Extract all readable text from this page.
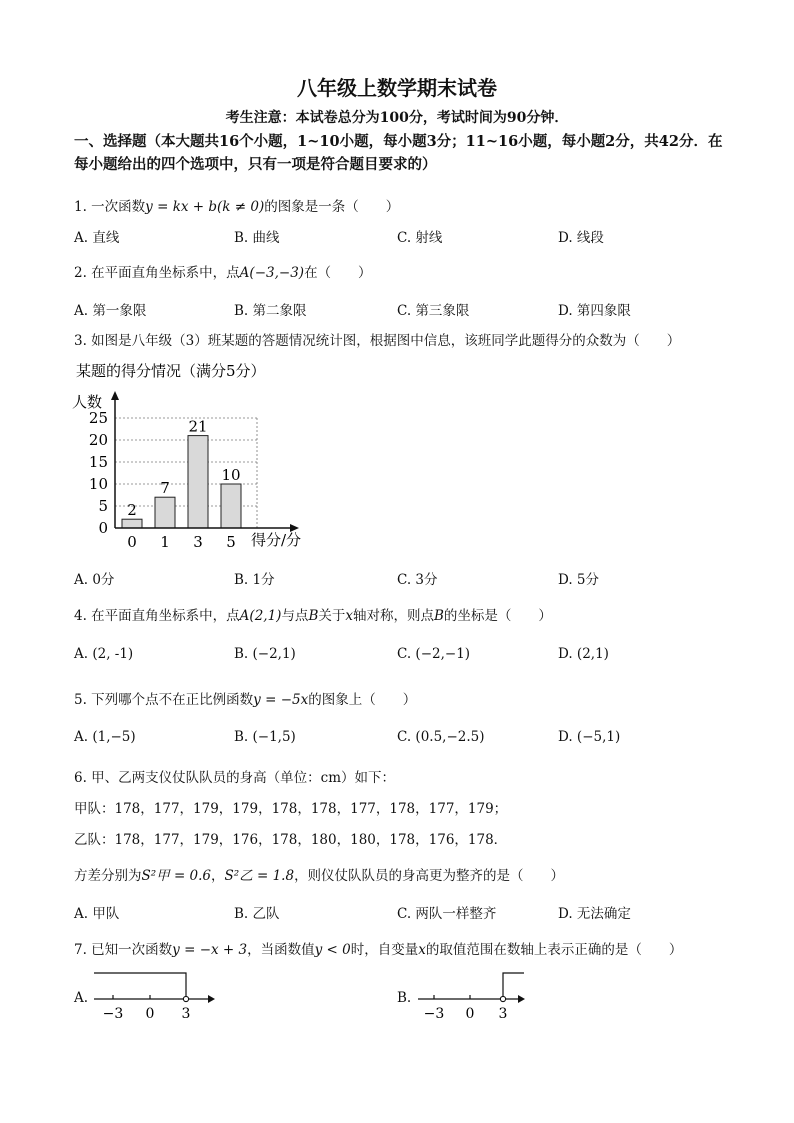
八年级上数学期末试卷
考生注意：本试卷总分为100分，考试时间为90分钟．
一、选择题（本大题共16个小题，1~10小题，每小题3分；11~16小题，每小题2分，共42分．在每小题给出的四个选项中，只有一项是符合题目要求的）
1. 一次函数y = kx + b(k ≠ 0)的图象是一条（　　）
A. 直线	B. 曲线	C. 射线	D. 线段
2. 在平面直角坐标系中，点A(−3,−3)在（　　）
A. 第一象限	B. 第二象限	C. 第三象限	D. 第四象限
3. 如图是八年级（3）班某题的答题情况统计图，根据图中信息，该班同学此题得分的众数为（　　）
某题的得分情况（满分5分）
人数
得分/分
2
7
21
10
0
5
10
15
20
25
0 1 3 5
A. 0分	B. 1分	C. 3分	D. 5分
4. 在平面直角坐标系中，点A(2,1)与点B关于x轴对称，则点B的坐标是（　　）
A. (2, -1)	B. (−2,1)	C. (−2,−1)	D. (2,1)
5. 下列哪个点不在正比例函数y = −5x的图象上（　　）
A. (1,−5)	B. (−1,5)	C. (0.5,−2.5)	D. (−5,1)
6. 甲、乙两支仪仗队队员的身高（单位：cm）如下：
甲队：178，177，179，179，178，178，177，178，177，179；
乙队：178，177，179，176，178，180，180，178，176，178．
方差分别为S²甲 = 0.6，S²乙 = 1.8，则仪仗队队员的身高更为整齐的是（　　）
A. 甲队	B. 乙队	C. 两队一样整齐	D. 无法确定
7. 已知一次函数y = −x + 3，当函数值y < 0时，自变量x的取值范围在数轴上表示正确的是（　　）
A.
−3 0 3
B.
−3 0 3
